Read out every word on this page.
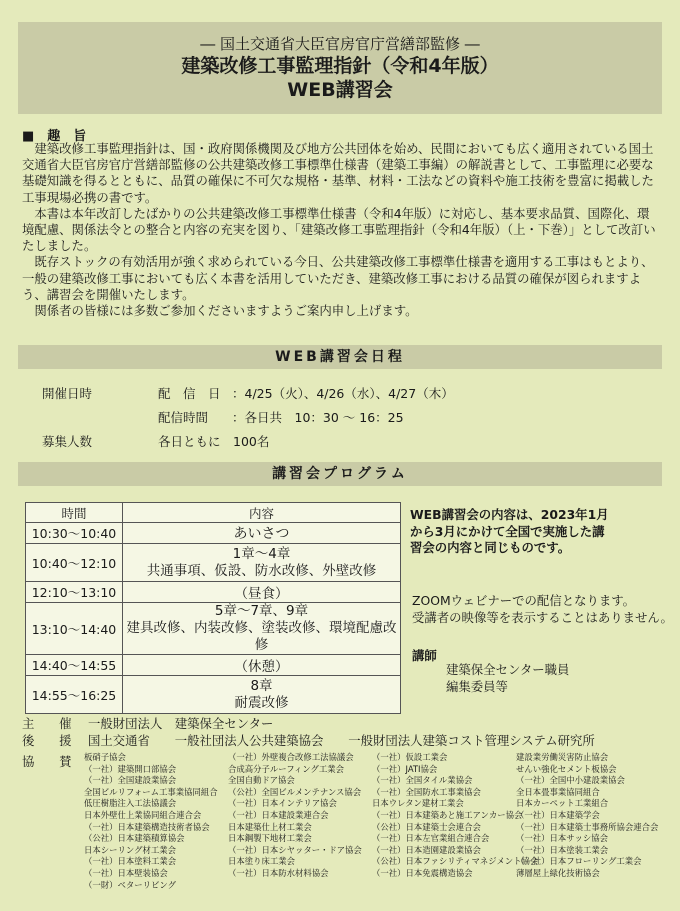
― 国土交通省大臣官房官庁営繕部監修 ―
建築改修工事監理指針（令和4年版）
WEB講習会
■　趣　旨

建築改修工事監理指針は、国・政府関係機関及び地方公共団体を始め、民間においても広く適用されている国土交通省大臣官房官庁営繕部監修の公共建築改修工事標準仕様書（建築工事編）の解説書として、工事監理に必要な基礎知識を得るとともに、品質の確保に不可欠な規格・基準、材料・工法などの資料や施工技術を豊富に掲載した工事現場必携の書です。

本書は本年改訂したばかりの公共建築改修工事標準仕様書（令和4年版）に対応し、基本要求品質、国際化、環境配慮、関係法令との整合と内容の充実を図り、「建築改修工事監理指針（令和4年版）（上・下巻）」として改訂いたしました。

既存ストックの有効活用が強く求められている今日、公共建築改修工事標準仕様書を適用する工事はもとより、一般の建築改修工事においても広く本書を活用していただき、建築改修工事における品質の確保が図られますよう、講習会を開催いたします。

関係者の皆様には多数ご参加くださいますようご案内申し上げます。

WEB講習会日程
開催日時	配　信　日 ：4/25（火）、4/26（水）、4/27（木）
配信時間 ：各日共　10：30 ～ 16：25
募集人数	各日ともに　100名
講習会プログラム
時間	内容
10:30～10:40	あいさつ
10:40～12:10	1章～4章
共通事項、仮設、防水改修、外壁改修

12:10～13:10	（昼食）
13:10～14:40	5章～7章、9章
建具改修、内装改修、塗装改修、環境配慮改修

14:40～14:55	（休憩）
14:55～16:25	8章
耐震改修
WEB講習会の内容は、2023年1月
から3月にかけて全国で実施した講
習会の内容と同じものです。
ZOOMウェビナーでの配信となります。
受講者の映像等を表示することはありません。
講師
建築保全センター職員
編集委員等
主　　催 一般財団法人　建築保全センター
後　　援 国土交通省　　一般社団法人公共建築協会　　一般財団法人建築コスト管理システム研究所
協　　賛 板硝子協会
（一社）建築開口部協会
（一社）全国建設業協会
全国ビルリフォーム工事業協同組合
低圧樹脂注入工法協議会
日本外壁仕上業協同組合連合会
（一社）日本建築構造技術者協会
（公社）日本建築積算協会
日本シーリング材工業会
（一社）日本塗料工業会
（一社）日本壁装協会
（一財）ベターリビング
（一社）外壁複合改修工法協議会
合成高分子ルーフィング工業会
全国自動ドア協会
（公社）全国ビルメンテナンス協会
（一社）日本インテリア協会
（一社）日本建設業連合会
日本建築仕上材工業会
日本鋼製下地材工業会
（一社）日本シヤッター・ドア協会
日本塗り床工業会
（一社）日本防水材料協会
（一社）仮設工業会
（一社）JATI協会
（一社）全国タイル業協会
（一社）全国防水工事業協会
日本ウレタン建材工業会
（一社）日本建築あと施工アンカー協会
（公社）日本建築士会連合会
（一社）日本左官業組合連合会
（一社）日本造園建設業協会
（公社）日本ファシリティマネジメント協会
（一社）日本免震構造協会
建設業労働災害防止協会
せんい強化セメント板協会
（一社）全国中小建設業協会
全日本畳事業協同組合
日本カーペット工業組合
（一社）日本建築学会
（一社）日本建築士事務所協会連合会
（一社）日本サッシ協会
（一社）日本塗装工業会
（一社）日本フローリング工業会
薄層屋上緑化技術協会
